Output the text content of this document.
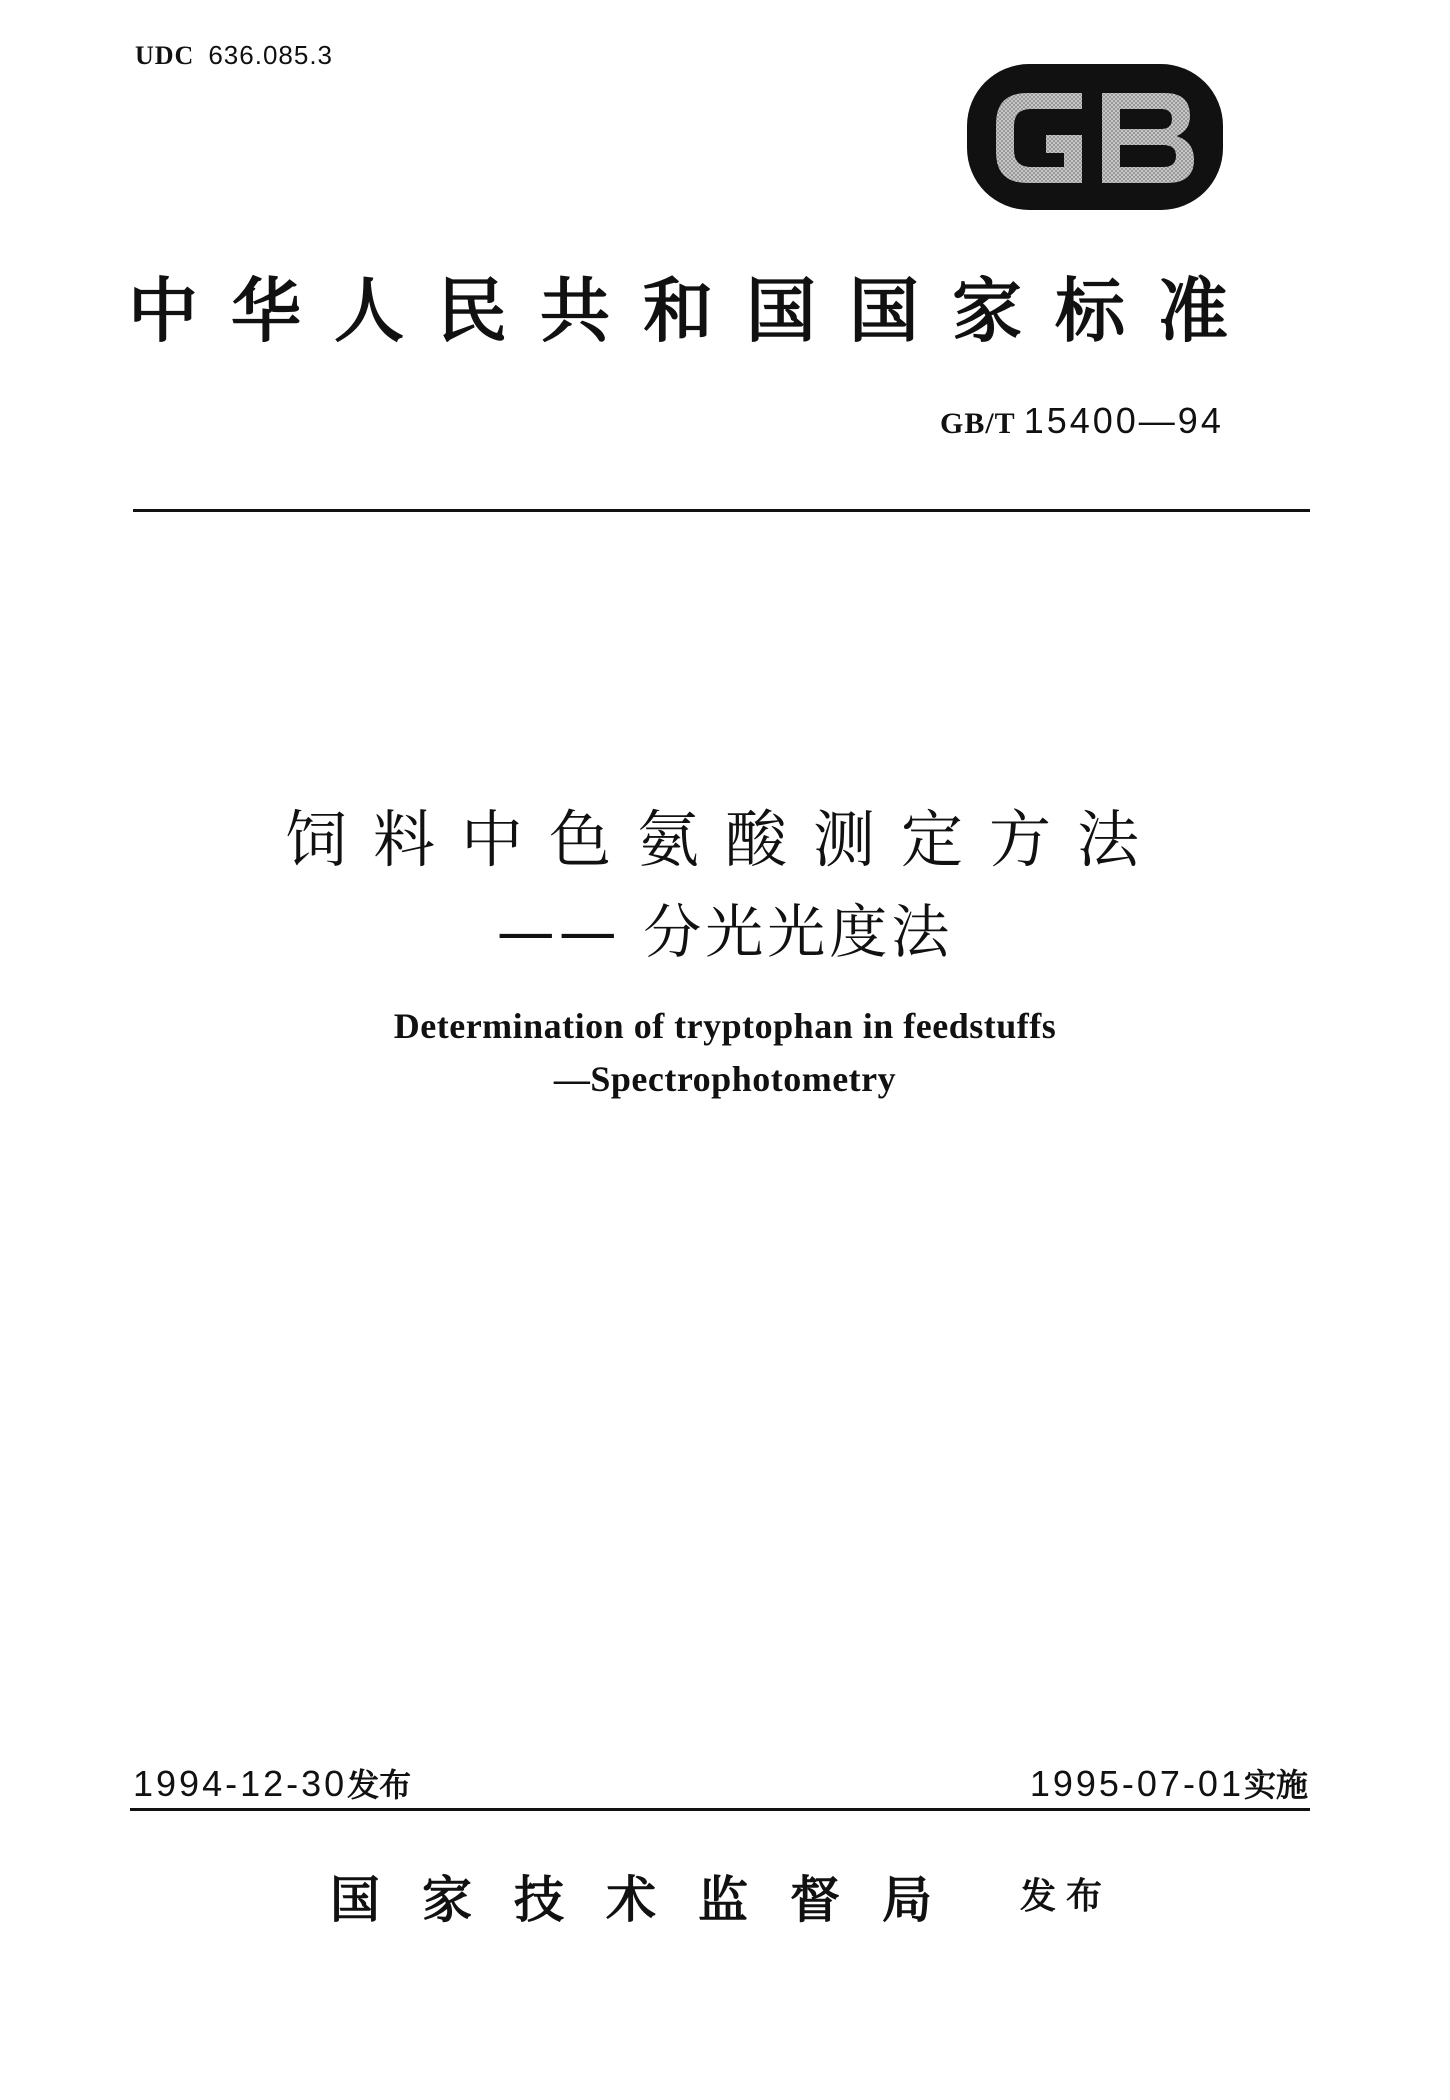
UDC 636.085.3
中华人民共和国国家标准
GB/T 15400—94
饲料中色氨酸测定方法
—— 分光光度法
Determination of tryptophan in feedstuffs
—Spectrophotometry
1994-12-30发布	1995-07-01实施
国家技术监督局 发布
